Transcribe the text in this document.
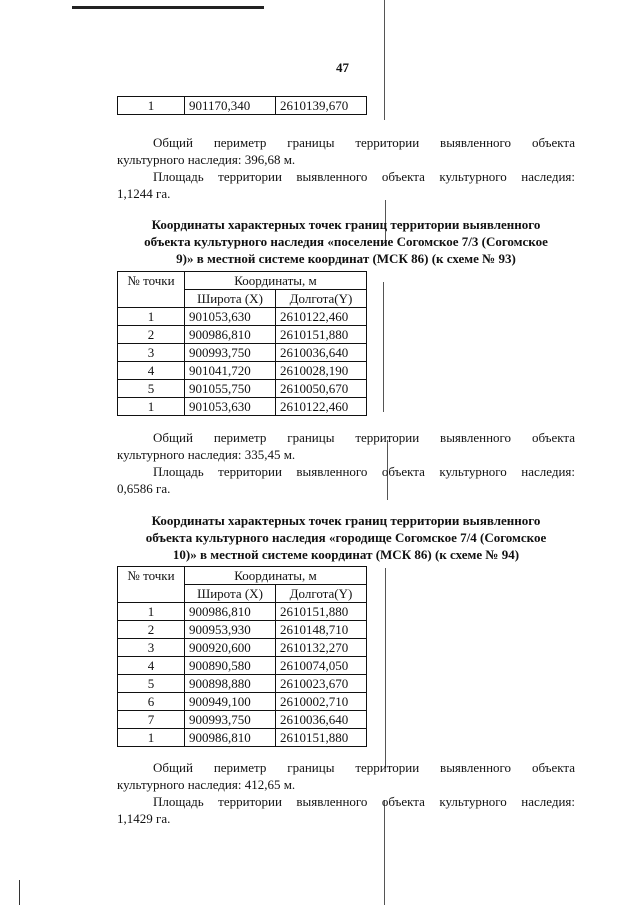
47
1	901170,340	2610139,670

Общий периметр границы территории выявленного объекта

культурного наследия: 396,68 м.

Площадь территории выявленного объекта культурного наследия:

1,1244 га.

Координаты характерных точек границ территории выявленного
объекта культурного наследия «поселение Согомское 7/3 (Согомское
9)» в местной системе координат (МСК 86) (к схеме № 93)

№ точки	Координаты, м	
	Широта (X)	Долгота(Y)
1	901053,630	2610122,460
2	900986,810	2610151,880
3	900993,750	2610036,640
4	901041,720	2610028,190
5	901055,750	2610050,670
1	901053,630	2610122,460

Общий периметр границы территории выявленного объекта

культурного наследия: 335,45 м.

Площадь территории выявленного объекта культурного наследия:

0,6586 га.

Координаты характерных точек границ территории выявленного
объекта культурного наследия «городище Согомское 7/4 (Согомское
10)» в местной системе координат (МСК 86) (к схеме № 94)

№ точки	Координаты, м	
	Широта (X)	Долгота(Y)
1	900986,810	2610151,880
2	900953,930	2610148,710
3	900920,600	2610132,270
4	900890,580	2610074,050
5	900898,880	2610023,670
6	900949,100	2610002,710
7	900993,750	2610036,640
1	900986,810	2610151,880

Общий периметр границы территории выявленного объекта

культурного наследия: 412,65 м.

Площадь территории выявленного объекта культурного наследия:

1,1429 га.
